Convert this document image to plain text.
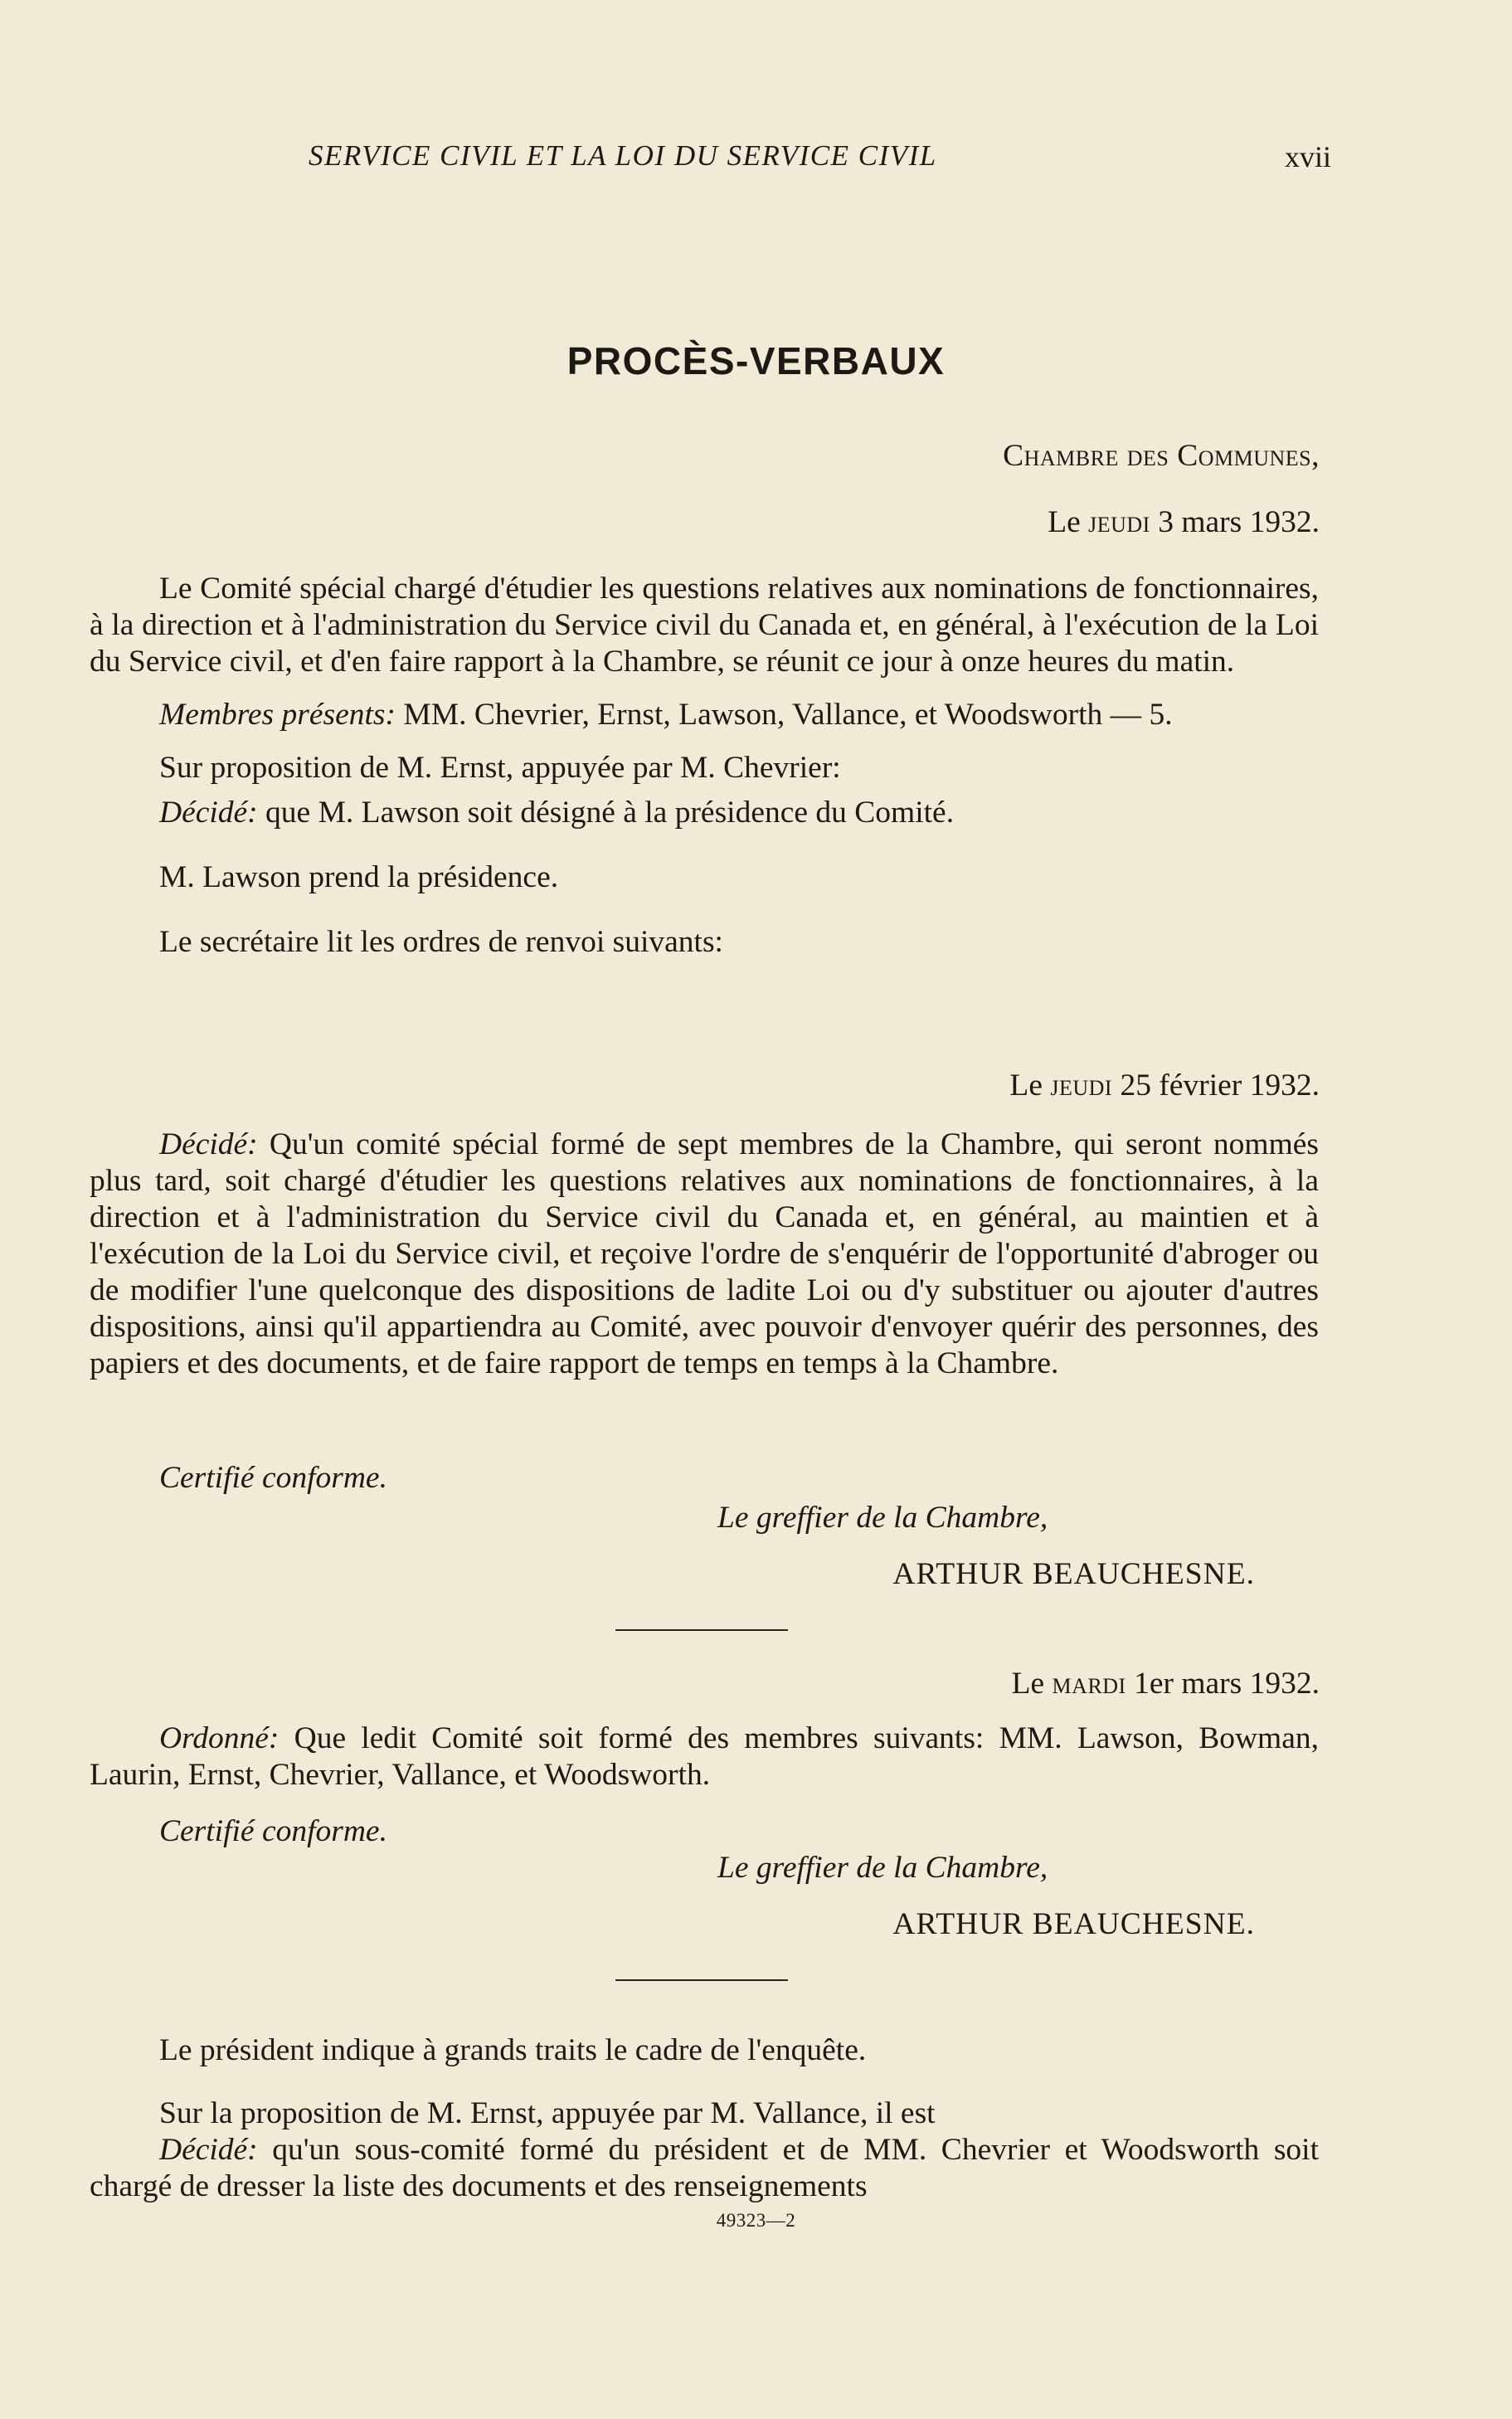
SERVICE CIVIL ET LA LOI DU SERVICE CIVIL	xvii
PROCÈS-VERBAUX
Chambre des Communes,
Le jeudi 3 mars 1932.

Le Comité spécial chargé d'étudier les questions relatives aux nominations de fonctionnaires, à la direction et à l'administration du Service civil du Canada et, en général, à l'exécution de la Loi du Service civil, et d'en faire rapport à la Chambre, se réunit ce jour à onze heures du matin.

Membres présents: MM. Chevrier, Ernst, Lawson, Vallance, et Woodsworth — 5.

Sur proposition de M. Ernst, appuyée par M. Chevrier:

Décidé: que M. Lawson soit désigné à la présidence du Comité.

M. Lawson prend la présidence.

Le secrétaire lit les ordres de renvoi suivants:

Le jeudi 25 février 1932.

Décidé: Qu'un comité spécial formé de sept membres de la Chambre, qui seront nommés plus tard, soit chargé d'étudier les questions relatives aux nominations de fonctionnaires, à la direction et à l'administration du Service civil du Canada et, en général, au maintien et à l'exécution de la Loi du Service civil, et reçoive l'ordre de s'enquérir de l'opportunité d'abroger ou de modifier l'une quelconque des dispositions de ladite Loi ou d'y substituer ou ajouter d'autres dispositions, ainsi qu'il appartiendra au Comité, avec pouvoir d'envoyer quérir des personnes, des papiers et des documents, et de faire rapport de temps en temps à la Chambre.

Certifié conforme.
Le greffier de la Chambre,
ARTHUR BEAUCHESNE.
Le mardi 1er mars 1932.

Ordonné: Que ledit Comité soit formé des membres suivants: MM. Lawson, Bowman, Laurin, Ernst, Chevrier, Vallance, et Woodsworth.

Certifié conforme.
Le greffier de la Chambre,
ARTHUR BEAUCHESNE.

Le président indique à grands traits le cadre de l'enquête.

Sur la proposition de M. Ernst, appuyée par M. Vallance, il est

Décidé: qu'un sous-comité formé du président et de MM. Chevrier et Woodsworth soit chargé de dresser la liste des documents et des renseignements

49323—2
